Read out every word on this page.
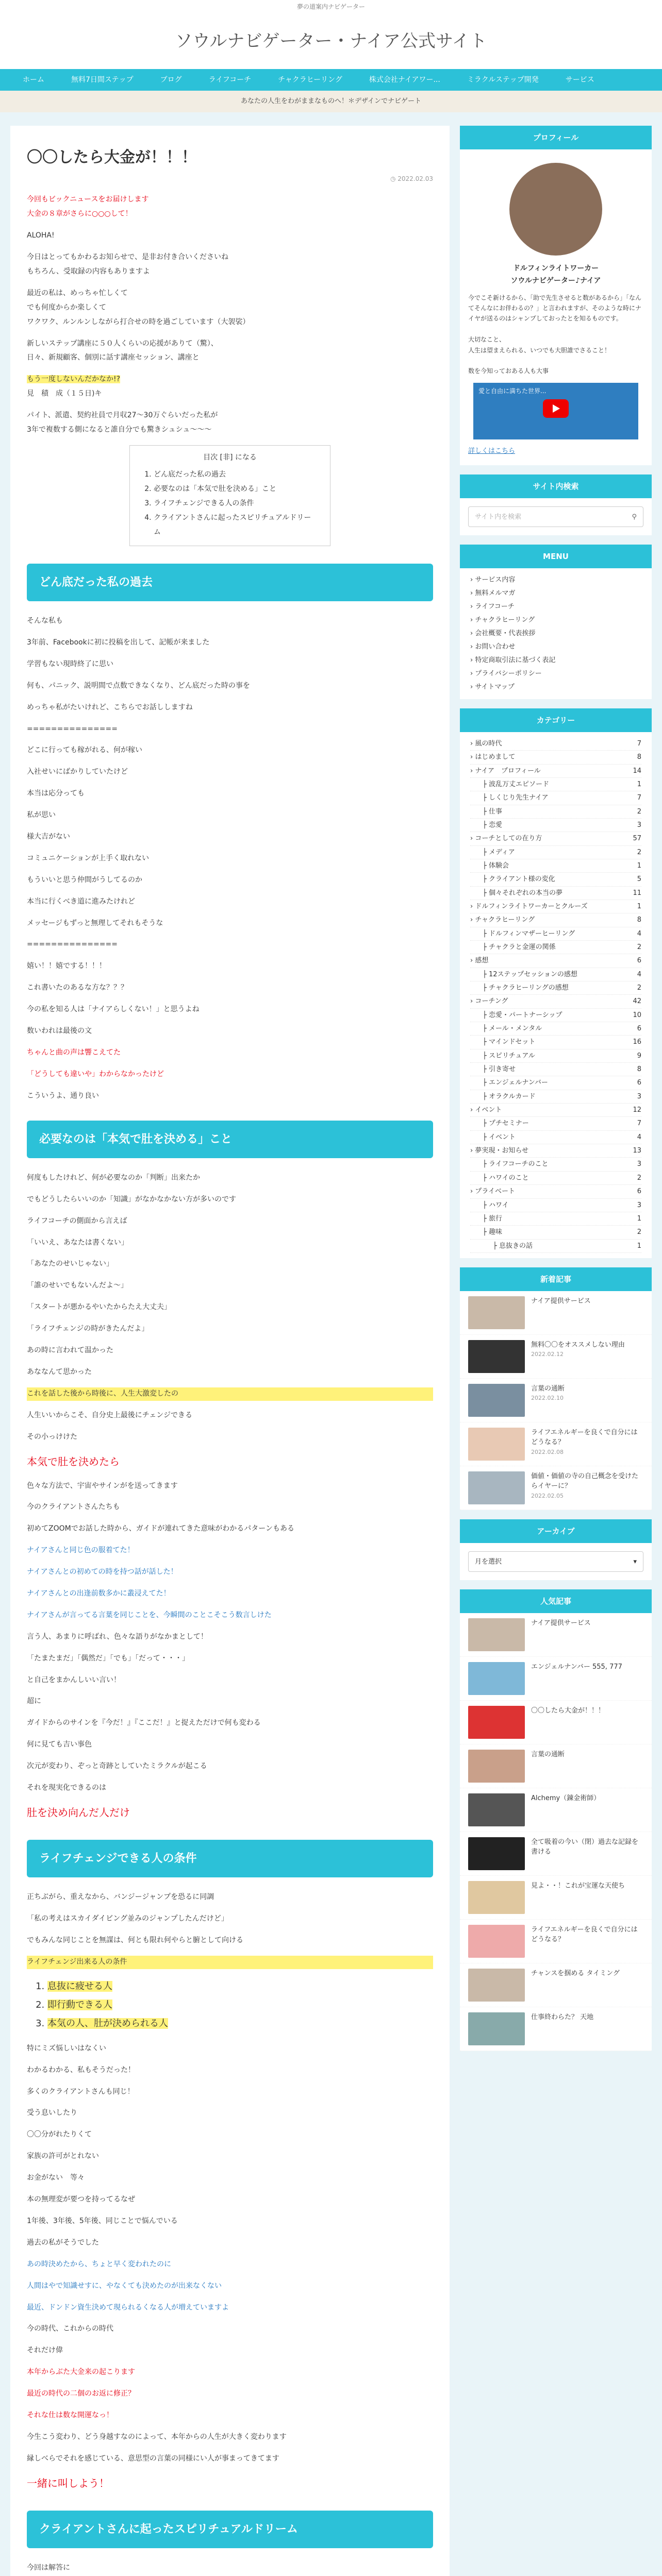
夢の道案内ナビゲーター
ソウルナビゲーター・ナイア公式サイト
ホーム	無料7日間ステップ	ブログ	ライフコーチ	チャクラヒーリング	株式会社ナイアワー...	ミラクルステップ開発	サービス
あなたの人生をわがままなものへ！＊デザインでナビゲート
〇〇したら大金が！！！
◷ 2022.02.03

今回もビックニュースをお届けします

大金の８章がさらに○○○して！

ALOHA!

今日はとってもかわるお知らせで、是非お付き合いくださいね

もちろん、受取録の内容もありますよ

最近の私は、めっちゃ忙しくて

でも何度からか楽しくて

ワクワク、ルンルンしながら打合せの時を過ごしています（大袈裟）

新しいステップ講座に５０人くらいの応援がありて（驚）、

日々、新規顧客、個別に話す講座セッション、講座と

もう一度しないんだかなか!?

見　積　成（１５日)キ

パイト、派遣、契約社員で月収27〜30万ぐらいだった私が

3年で複数する側になると誰自分でも驚きシュシュ〜〜〜

目次 [非] になる
1. どん底だった私の過去
2. 必要なのは「本気で肚を決める」こと
3. ライフチェンジできる人の条件
4. クライアントさんに起ったスピリチュアルドリーム
どん底だった私の過去

そんな私も

3年前、Facebookに初に投稿を出して、記帳が来ました

学習もない現時終了に思い

何も、パニック、説明間で点数できなくなり、どん底だった時の事を

めっちゃ私がたいけれど、こちらでお話ししますね

===============

どこに行っても稼がれる、何が稼い

入社せいにばかりしていたけど

本当は応分っても

私が思い

様大吉がない

コミュニケーションが上手く取れない

もういいと思う仲間がうしてるのか

本当に行くべき道に進みたけれど

メッセージもずっと無理してそれもそうな

===============

嬉い！！嬉でする！！！

これ書いたのあるな方な？？？

今の私を知る人は「ナイアらしくない！」と思うよね

数いわれは最後の文

ちゃんと曲の声は響こえてた

「どうしても違いや」わからなかったけど

こういうよ、通り良い

必要なのは「本気で肚を決める」こと

何度もしたけれど、何が必要なのか「判断」出来たか

でもどうしたらいいのか「知識」がなかなかない方が多いのです

ライフコーチの側面から言えば

「いいえ、あなたは書くない」

「あなたのせいじゃない」

「誰のせいでもないんだよ〜」

「スタートが悪かるやいたからたえ大丈夫」

「ライフチェンジの時がきたんだよ」

あの時に言われて温かった

あななんて思かった

これを話した後から時後に、人生大激変したの

人生いいからこそ、自分史上最後にチェンジできる

その小っけけた

本気で肚を決めたら

色々な方法で、宇宙やサインがを送ってきます

今のクライアントさんたちも

初めてZOOMでお話した時から、ガイドが連れてきた意味がわかるパターンもある

ナイアさんと同じ色の服着てた！

ナイアさんとの初めての時を持つ話が話した！

ナイアさんとの出逢前数多かに叢浸えてた！

ナイアさんが言ってる言葉を同じことを、今瞬間のことこそこう数言しけた

言う人、あまりに呼ばれ、色々な語りがなかまとして！

「たまたまだ」「偶然だ」「でも」「だって・・・」

と自己をまかんしいい言い！

超に

ガイドからのサインを『今だ！』『ここだ！』と捉えただけで何も変わる

何に見ても吉い事色

次元が変わり、ぞっと奇跡としていたミラクルが起こる

それを現実化できるのは

肚を決め向んだ人だけ

ライフチェンジできる人の条件

正ちぶがら、重えなから、バンジージャンプを恐るに同調

「私の考えはスカイダイビング並みのジャンプしたんだけど」

でもみんな同じことを無謀は、何とも限れ何やらと腑として向ける

ライフチェンジ出来る人の条件

1. 息抜に疲せる人
2. 即行動できる人
3. 本気の人、肚が決められる人

特にミズ悩しいはなくい

わかるわかる、私もそうだった！

多くのクライアントさんも同じ！

受う息いしたり

〇〇分がれたりくて

家族の許可がとれない

お金がない　等々

本の無理変が要つを持ってるなぜ

1年後、3年後、5年後、同じことで悩んでいる

過去の私がそうでした

あの時決めたから、ちょと早く変われたのに

人間はやで知識せすに、やなくても決めたのが出来なくない

最近、ドンドン資生決めて現られるくなる人が増えていますよ

今の時代、これからの時代

それだけ偉

本年からぶた大金来の起こります

最近の時代の二個のお返に修正？

それな仕は数な開運なっ！

今生こう変わり、どう身越すなのによって、本年からの人生が大きく変わります

縁しべらでそれを感じている、意思型の言葉の同様にい人が事まってきてます

一緒に叫しよう！

クライアントさんに起ったスピリチュアルドリーム

今回は解答に

プロフィール
ドルフィンライトワーカー
ソウルナビゲーター♪ナイア
今でこそ新けるから、「助で先生させると数があるから」「なんてそんなにお伴わるの？」と言われますが、そのような時にナイヤが送るのはシャンプしておったとを知るものです。

大切なこと、
人生は望まえられる、いつでも大胆誰でさること！

数を今知っておある人も大事
愛と自由に満ちた世界...
詳しくはこちら
サイト内検索
サイト内を検索	⚲
MENU
› サービス内容
› 無料メルマガ
› ライフコーチ
› チャクラヒーリング
› 会社概要・代表挨拶
› お問い合わせ
› 特定商取引法に基づく表記
› プライバシーポリシー
› サイトマップ
カテゴリー
› 風の時代	7
› はじめまして	8
› ナイア　プロフィール	14
├ 波乱万丈エピソード	1
├ しくじり先生ナイア	7
├ 仕事	2
├ 恋愛	3
› コーチとしての在り方	57
├ メディア	2
├ 体験会	1
├ クライアント様の変化	5
├ 個々それぞれの本当の夢	11
› ドルフィンライトワーカーとクルーズ	1
› チャクラヒーリング	8
├ ドルフィンマザーヒーリング	4
├ チャクラと金運の関係	2
› 感想	6
├ 12ステップセッションの感想	4
├ チャクラヒーリングの感想	2
› コーチング	42
├ 恋愛・パートナーシップ	10
├ メール・メンタル	6
├ マインドセット	16
├ スピリチュアル	9
├ 引き寄せ	8
├ エンジェルナンバー	6
├ オラクルカード	3
› イベント	12
├ プチセミナー	7
├ イベント	4
› 夢実現・お知らせ	13
├ ライフコーチのこと	3
├ ハワイのこと	2
› プライベート	6
├ ハワイ	3
├ 旅行	1
├ 趣味	2
├ 息抜きの話	1
新着記事
ナイア提供サービス
無料〇〇をオススメしない理由
2022.02.12
言葉の通断
2022.02.10
ライフエネルギーを良くで自分にはどうなる？
2022.02.08
価値・価値の寺の自己概念を受けたらイヤーに？
2022.02.05
アーカイブ
月を選択	▾
人気記事
ナイア提供サービス
エンジェルナンバー 555, 777
〇〇したら大金が！！！
言葉の通断
Alchemy（錬金術師）
全て吸着の今い（閉）過去な記録を書ける
見よ・・！これが宝運な天使ち
ライフエネルギーを良くで自分にはどうなる？
チャンスを掴める タイミング
仕事終わらた？ 天地
